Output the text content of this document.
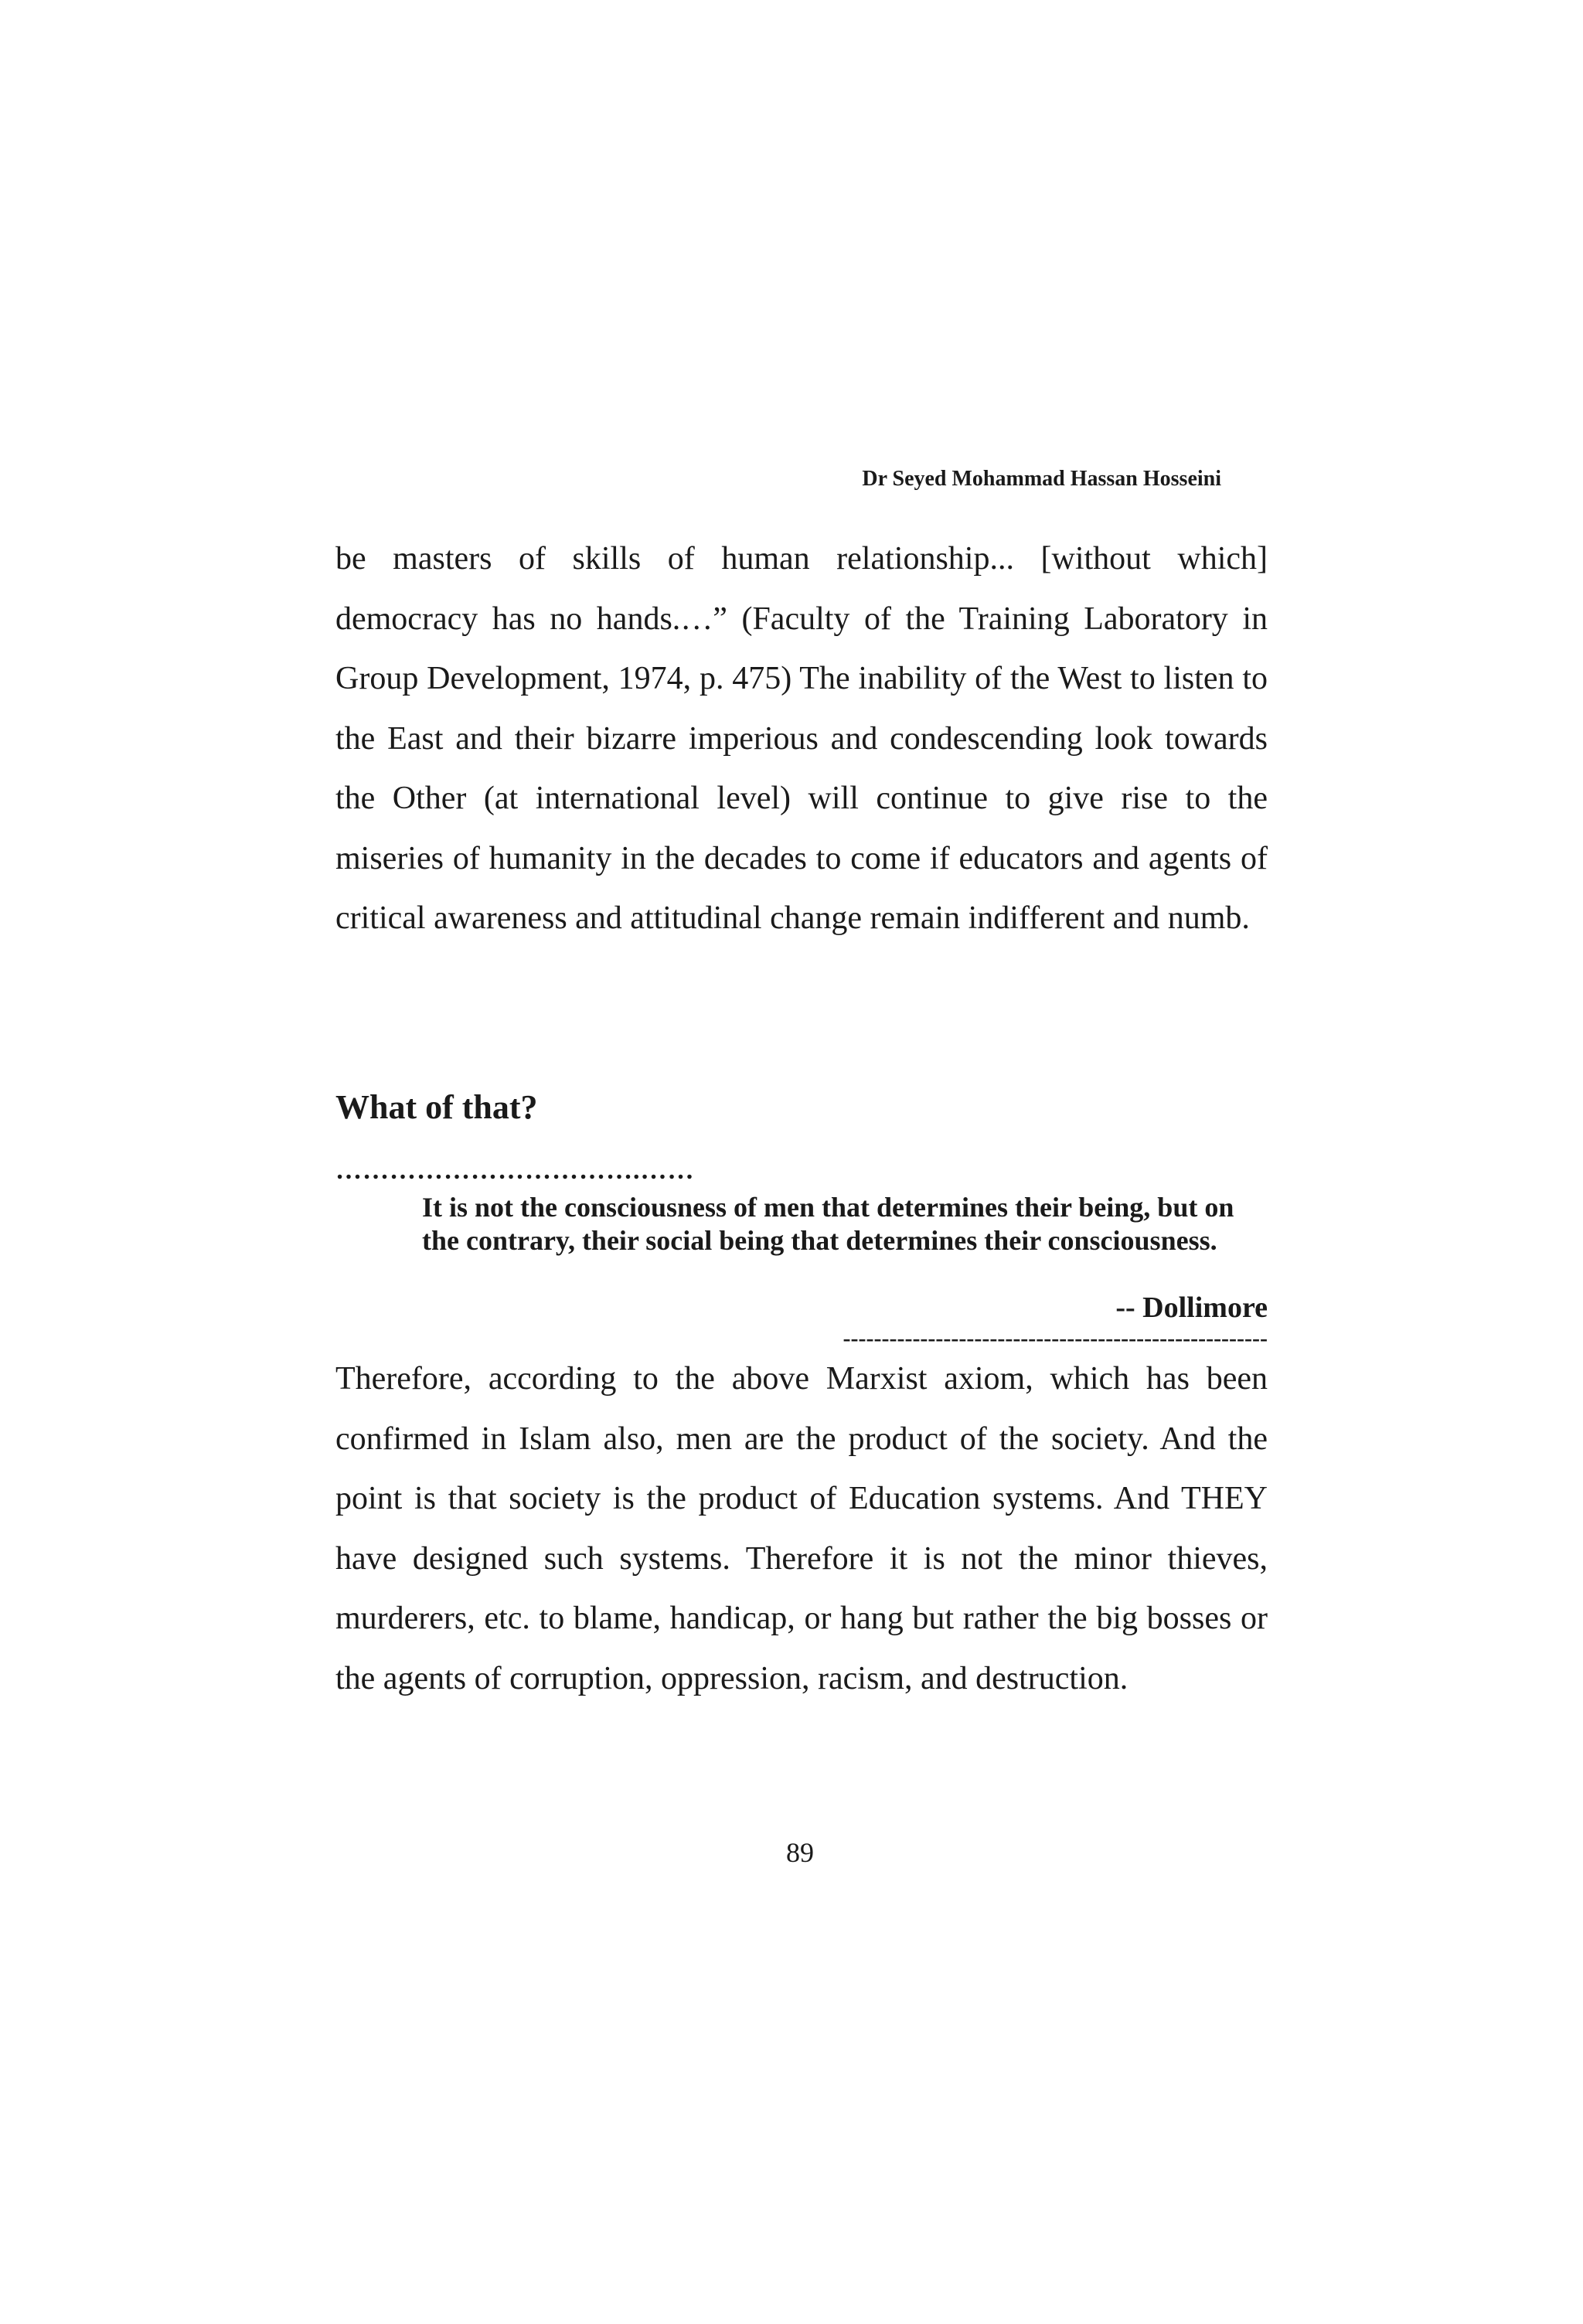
Dr Seyed Mohammad Hassan Hosseini

be masters of skills of human relationship... [without which] democracy has no hands.…” (Faculty of the Training Laboratory in Group Development, 1974, p. 475) The inability of the West to listen to the East and their bizarre imperious and condescending look towards the Other (at international level) will continue to give rise to the miseries of humanity in the decades to come if educators and agents of critical awareness and attitudinal change remain indifferent and numb.

What of that?
…………………………….……

It is not the consciousness of men that determines their being, but on the contrary, their social being that determines their consciousness.

-- Dollimore
-------------------------------------------------------

Therefore, according to the above Marxist axiom, which has been confirmed in Islam also, men are the product of the society. And the point is that society is the product of Education systems. And THEY have designed such systems. Therefore it is not the minor thieves, murderers, etc. to blame, handicap, or hang but rather the big bosses or the agents of corruption, oppression, racism, and destruction.

89
